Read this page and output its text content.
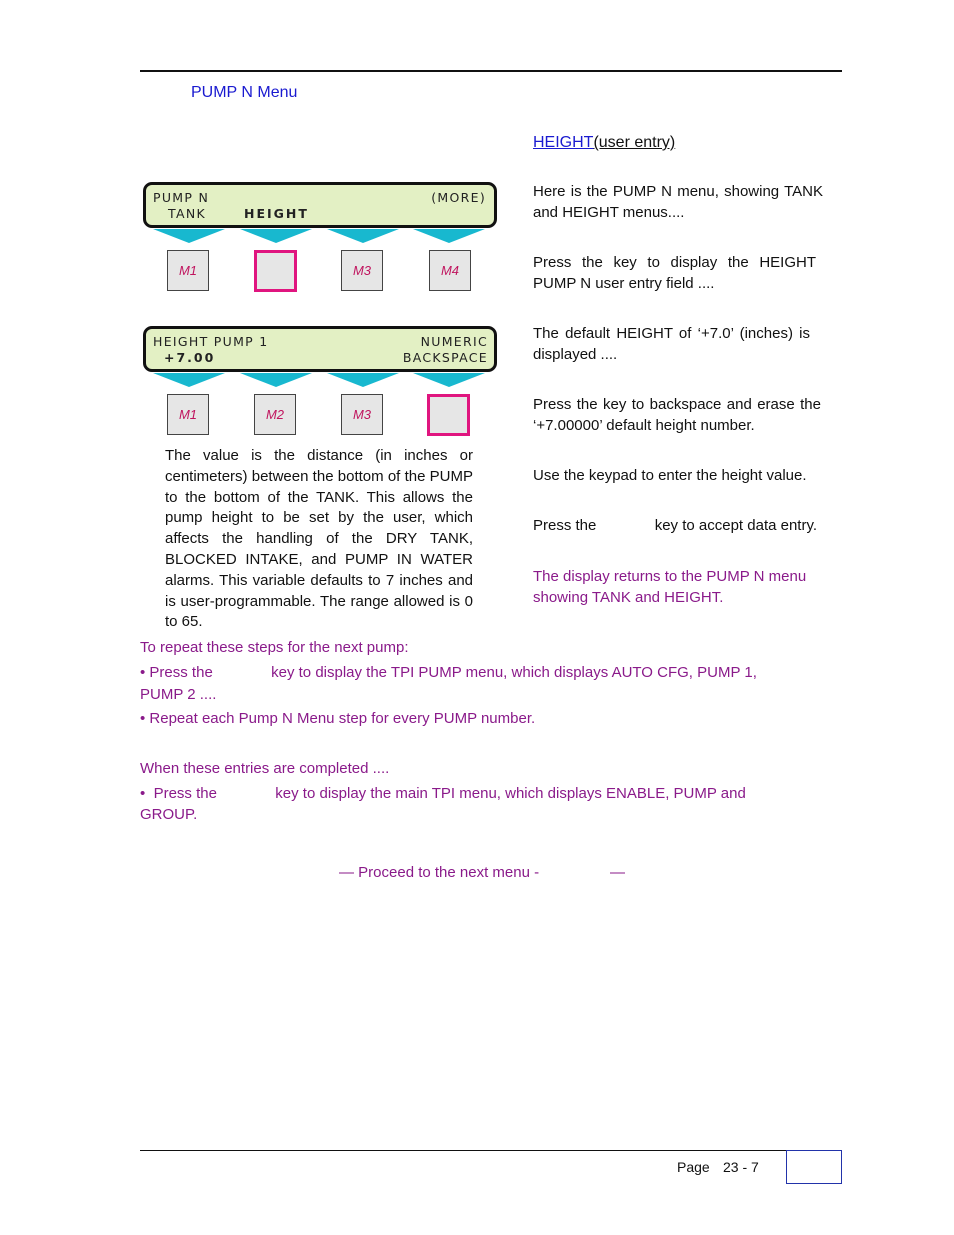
PUMP N Menu
HEIGHT(user entry)
PUMP N	(MORE)
TANK	HEIGHT
M1	M3	M4
HEIGHT PUMP 1	NUMERIC
+7.00	BACKSPACE
M1	M2	M3
The value is the distance (in inches or centimeters) between the bottom of the PUMP to the bottom of the TANK. This allows the pump height to be set by the user, which affects the handling of the DRY TANK, BLOCKED INTAKE, and PUMP IN WATER alarms. This variable defaults to 7 inches and is user-programmable. The range allowed is 0 to 65.
Here is the PUMP N menu, showing TANK and HEIGHT menus....
Press the key to display the HEIGHT PUMP N user entry field ....
The default HEIGHT of ‘+7.0’ (inches) is displayed ....
Press the key to backspace and erase the ‘+7.00000’ default height number.
Use the keypad to enter the height value.
Press the              key to accept data entry.
The display returns to the PUMP N menu showing TANK and HEIGHT.
To repeat these steps for the next pump:
• Press the              key to display the TPI PUMP menu, which displays AUTO CFG, PUMP 1, PUMP 2 ....
• Repeat each Pump N Menu step for every PUMP number.
When these entries are completed ....
•  Press the              key to display the main TPI menu, which displays ENABLE, PUMP and GROUP.
— Proceed to the next menu -                 —
Page 23 - 7
